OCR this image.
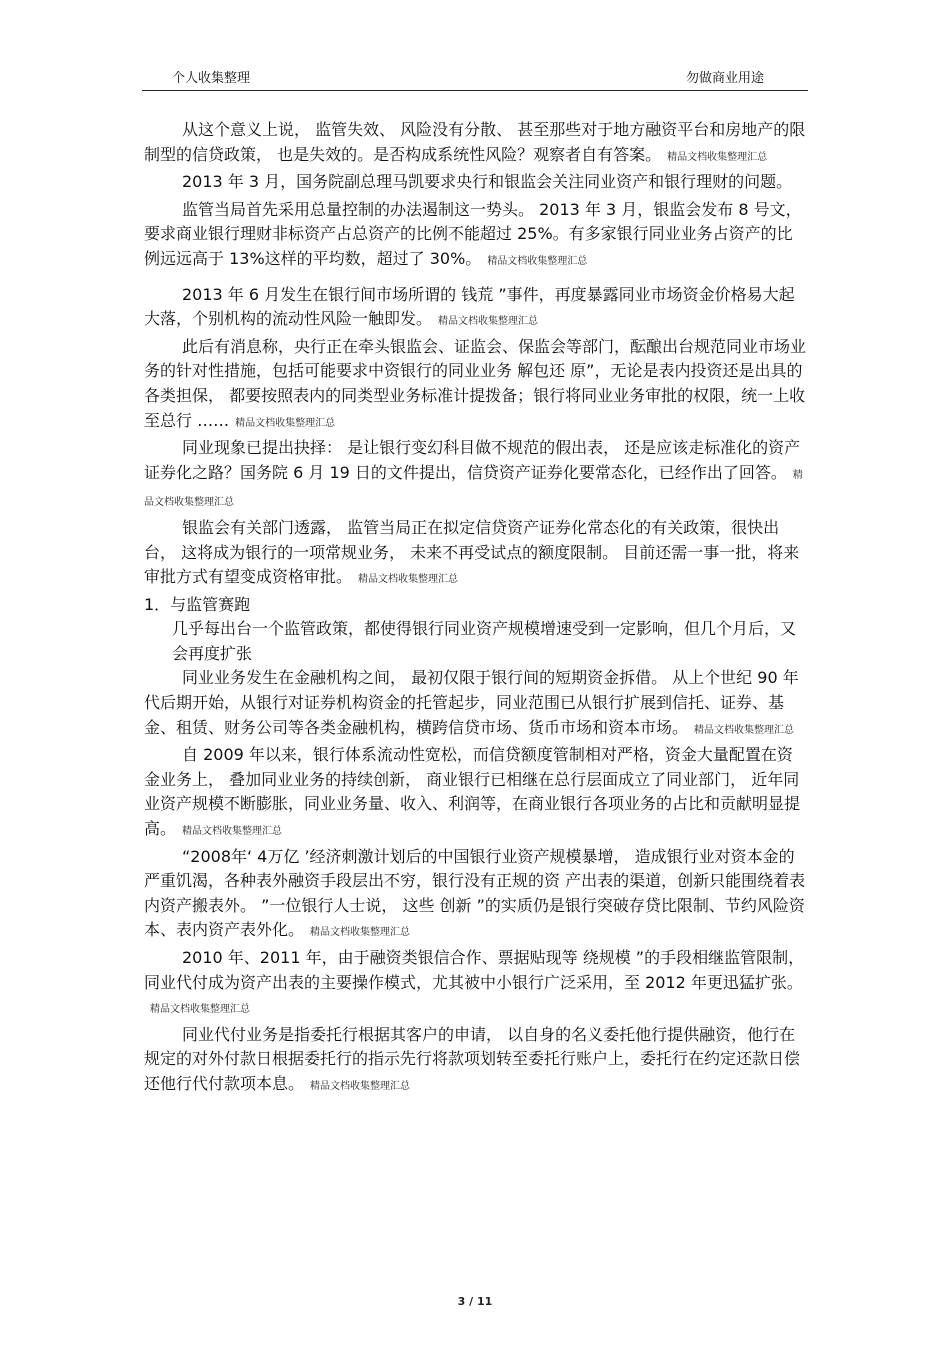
个人收集整理	勿做商业用途

从这个意义上说， 监管失效、 风险没有分散、 甚至那些对于地方融资平台和房地产的限制型的信贷政策， 也是失效的。是否构成系统性风险？观察者自有答案。 精品文档收集整理汇总

2013 年 3 月，国务院副总理马凯要求央行和银监会关注同业资产和银行理财的问题。

监管当局首先采用总量控制的办法遏制这一势头。 2013 年 3 月，银监会发布 8 号文，要求商业银行理财非标资产占总资产的比例不能超过 25%。有多家银行同业业务占资产的比例远远高于 13%这样的平均数，超过了 30%。 精品文档收集整理汇总

2013 年 6 月发生在银行间市场所谓的 钱荒 ”事件，再度暴露同业市场资金价格易大起大落，个别机构的流动性风险一触即发。 精品文档收集整理汇总

此后有消息称，央行正在牵头银监会、证监会、保监会等部门，酝酿出台规范同业市场业务的针对性措施，包括可能要求中资银行的同业业务 解包还 原”，无论是表内投资还是出具的各类担保， 都要按照表内的同类型业务标准计提拨备；银行将同业业务审批的权限，统一上收至总行 …… 精品文档收集整理汇总

同业现象已提出抉择： 是让银行变幻科目做不规范的假出表， 还是应该走标准化的资产证券化之路？国务院 6 月 19 日的文件提出，信贷资产证券化要常态化，已经作出了回答。 精品文档收集整理汇总

银监会有关部门透露， 监管当局正在拟定信贷资产证券化常态化的有关政策，很快出台， 这将成为银行的一项常规业务， 未来不再受试点的额度限制。 目前还需一事一批，将来审批方式有望变成资格审批。 精品文档收集整理汇总

1．与监管赛跑

几乎每出台一个监管政策，都使得银行同业资产规模增速受到一定影响，但几个月后，又会再度扩张

同业业务发生在金融机构之间， 最初仅限于银行间的短期资金拆借。 从上个世纪 90 年代后期开始，从银行对证券机构资金的托管起步，同业范围已从银行扩展到信托、证券、基金、租赁、财务公司等各类金融机构，横跨信贷市场、货币市场和资本市场。 精品文档收集整理汇总

自 2009 年以来，银行体系流动性宽松，而信贷额度管制相对严格，资金大量配置在资金业务上， 叠加同业业务的持续创新， 商业银行已相继在总行层面成立了同业部门， 近年同业资产规模不断膨胀，同业业务量、收入、利润等，在商业银行各项业务的占比和贡献明显提高。 精品文档收集整理汇总

“2008年‘ 4万亿 ’经济刺激计划后的中国银行业资产规模暴增， 造成银行业对资本金的严重饥渴，各种表外融资手段层出不穷，银行没有正规的资 产出表的渠道，创新只能围绕着表内资产搬表外。 ”一位银行人士说， 这些 创新 ”的实质仍是银行突破存贷比限制、节约风险资本、表内资产表外化。 精品文档收集整理汇总

2010 年、2011 年，由于融资类银信合作、票据贴现等 绕规模 ”的手段相继监管限制，同业代付成为资产出表的主要操作模式，尤其被中小银行广泛采用，至 2012 年更迅猛扩张。精品文档收集整理汇总

同业代付业务是指委托行根据其客户的申请， 以自身的名义委托他行提供融资，他行在规定的对外付款日根据委托行的指示先行将款项划转至委托行账户上，委托行在约定还款日偿还他行代付款项本息。 精品文档收集整理汇总

3 / 11
